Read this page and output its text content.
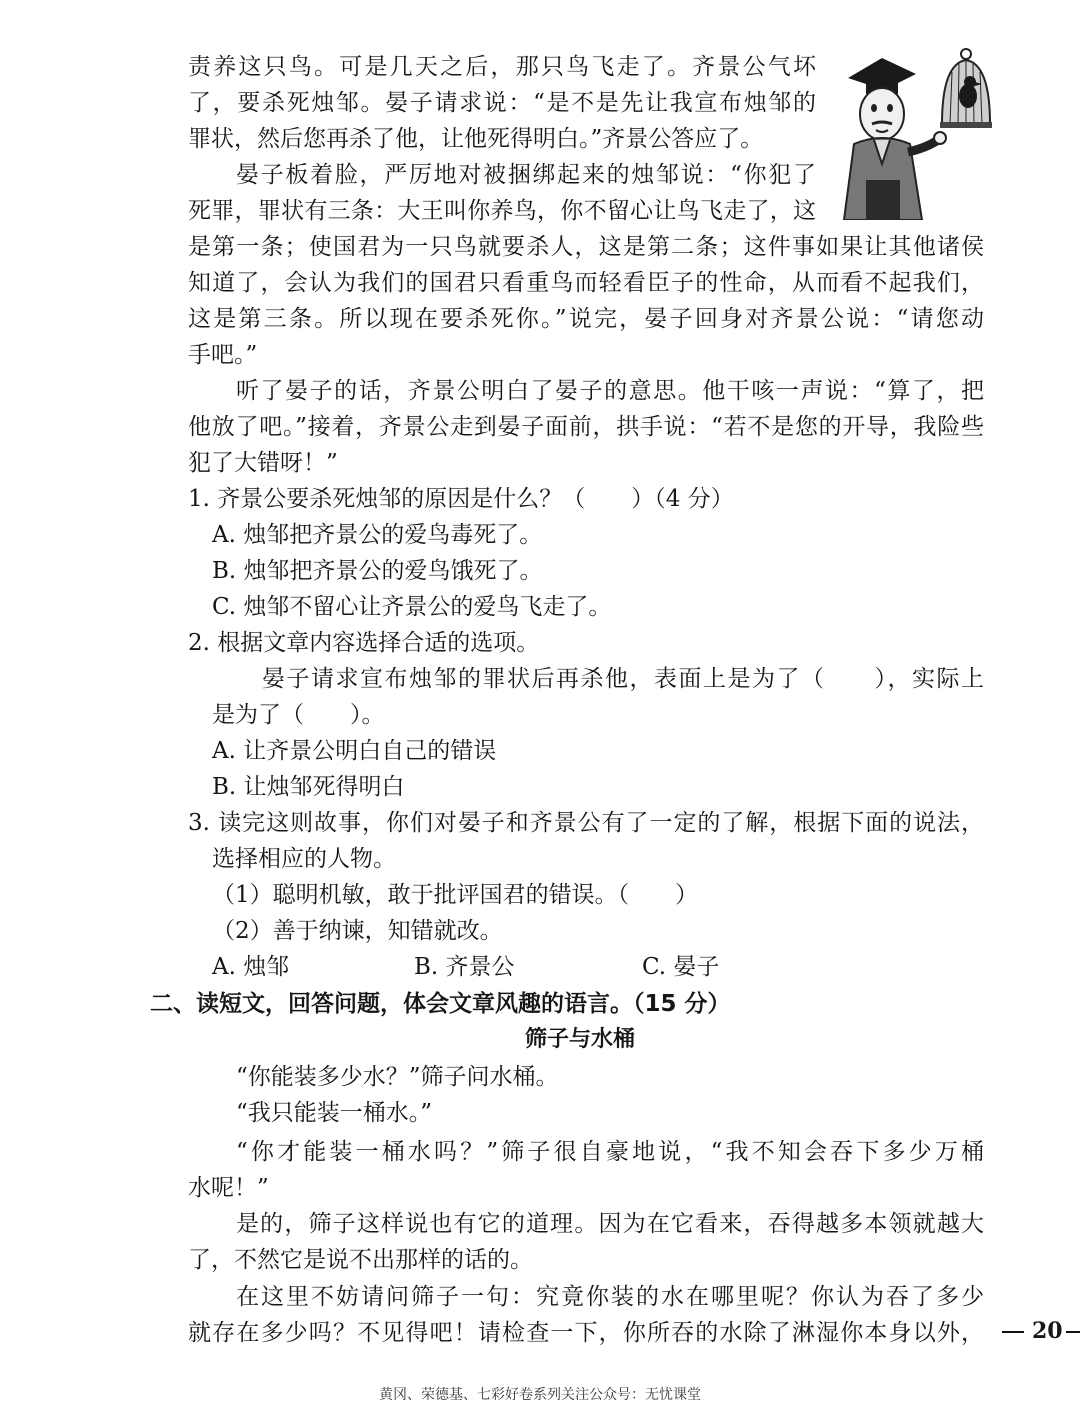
责养这只鸟。可是几天之后，那只鸟飞走了。齐景公气坏

了，要杀死烛邹。晏子请求说：“是不是先让我宣布烛邹的

罪状，然后您再杀了他，让他死得明白。”齐景公答应了。

晏子板着脸，严厉地对被捆绑起来的烛邹说：“你犯了

死罪，罪状有三条：大王叫你养鸟，你不留心让鸟飞走了，这

是第一条；使国君为一只鸟就要杀人，这是第二条；这件事如果让其他诸侯

知道了，会认为我们的国君只看重鸟而轻看臣子的性命，从而看不起我们，

这是第三条。所以现在要杀死你。”说完，晏子回身对齐景公说：“请您动

手吧。”

听了晏子的话，齐景公明白了晏子的意思。他干咳一声说：“算了，把

他放了吧。”接着，齐景公走到晏子面前，拱手说：“若不是您的开导，我险些

犯了大错呀！”

1. 齐景公要杀死烛邹的原因是什么？（　　）（4 分）

A. 烛邹把齐景公的爱鸟毒死了。

B. 烛邹把齐景公的爱鸟饿死了。

C. 烛邹不留心让齐景公的爱鸟飞走了。

2. 根据文章内容选择合适的选项。

晏子请求宣布烛邹的罪状后再杀他，表面上是为了（　　），实际上

是为了（　　）。

A. 让齐景公明白自己的错误

B. 让烛邹死得明白

3. 读完这则故事，你们对晏子和齐景公有了一定的了解，根据下面的说法，

选择相应的人物。

（1）聪明机敏，敢于批评国君的错误。（　　）

（2）善于纳谏，知错就改。

A. 烛邹	B. 齐景公	C. 晏子

二、读短文，回答问题，体会文章风趣的语言。（15 分）

筛子与水桶

“你能装多少水？”筛子问水桶。

“我只能装一桶水。”

“你才能装一桶水吗？”筛子很自豪地说，“我不知会吞下多少万桶

水呢！”

是的，筛子这样说也有它的道理。因为在它看来，吞得越多本领就越大

了，不然它是说不出那样的话的。

在这里不妨请问筛子一句：究竟你装的水在哪里呢？你认为吞了多少

就存在多少吗？不见得吧！请检查一下，你所吞的水除了淋湿你本身以外， 20
黄冈、荣德基、七彩好卷系列关注公众号：无忧课堂
